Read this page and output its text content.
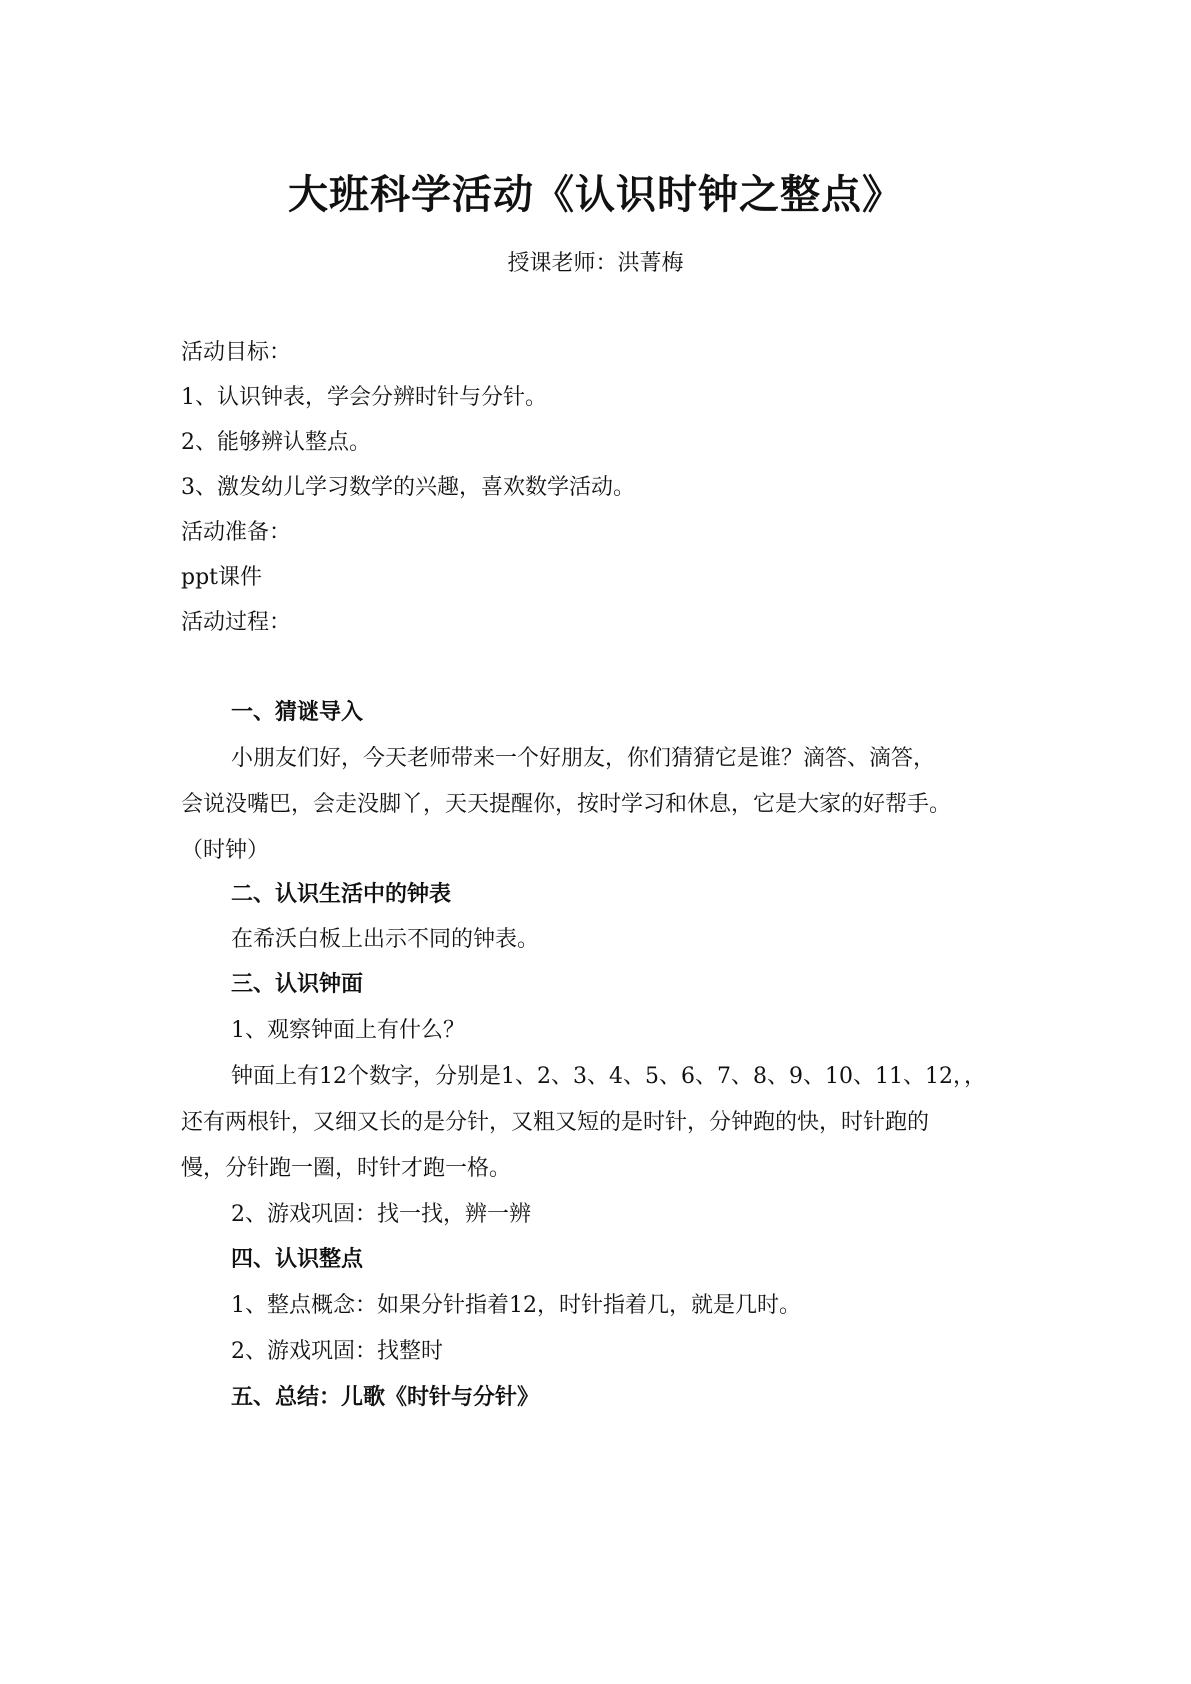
大班科学活动《认识时钟之整点》
授课老师：洪菁梅
活动目标：
1、认识钟表，学会分辨时针与分针。
2、能够辨认整点。
3、激发幼儿学习数学的兴趣，喜欢数学活动。
活动准备：
ppt课件
活动过程：
一、猜谜导入
小朋友们好，今天老师带来一个好朋友，你们猜猜它是谁？滴答、滴答，
会说没嘴巴，会走没脚丫，天天提醒你，按时学习和休息，它是大家的好帮手。
（时钟）
二、认识生活中的钟表
在希沃白板上出示不同的钟表。
三、认识钟面
1、观察钟面上有什么？
钟面上有12个数字，分别是1、2、3、4、5、6、7、8、9、10、11、12，，
还有两根针，又细又长的是分针，又粗又短的是时针，分钟跑的快，时针跑的
慢，分针跑一圈，时针才跑一格。
2、游戏巩固：找一找，辨一辨
四、认识整点
1、整点概念：如果分针指着12，时针指着几，就是几时。
2、游戏巩固：找整时
五、总结：儿歌《时针与分针》
